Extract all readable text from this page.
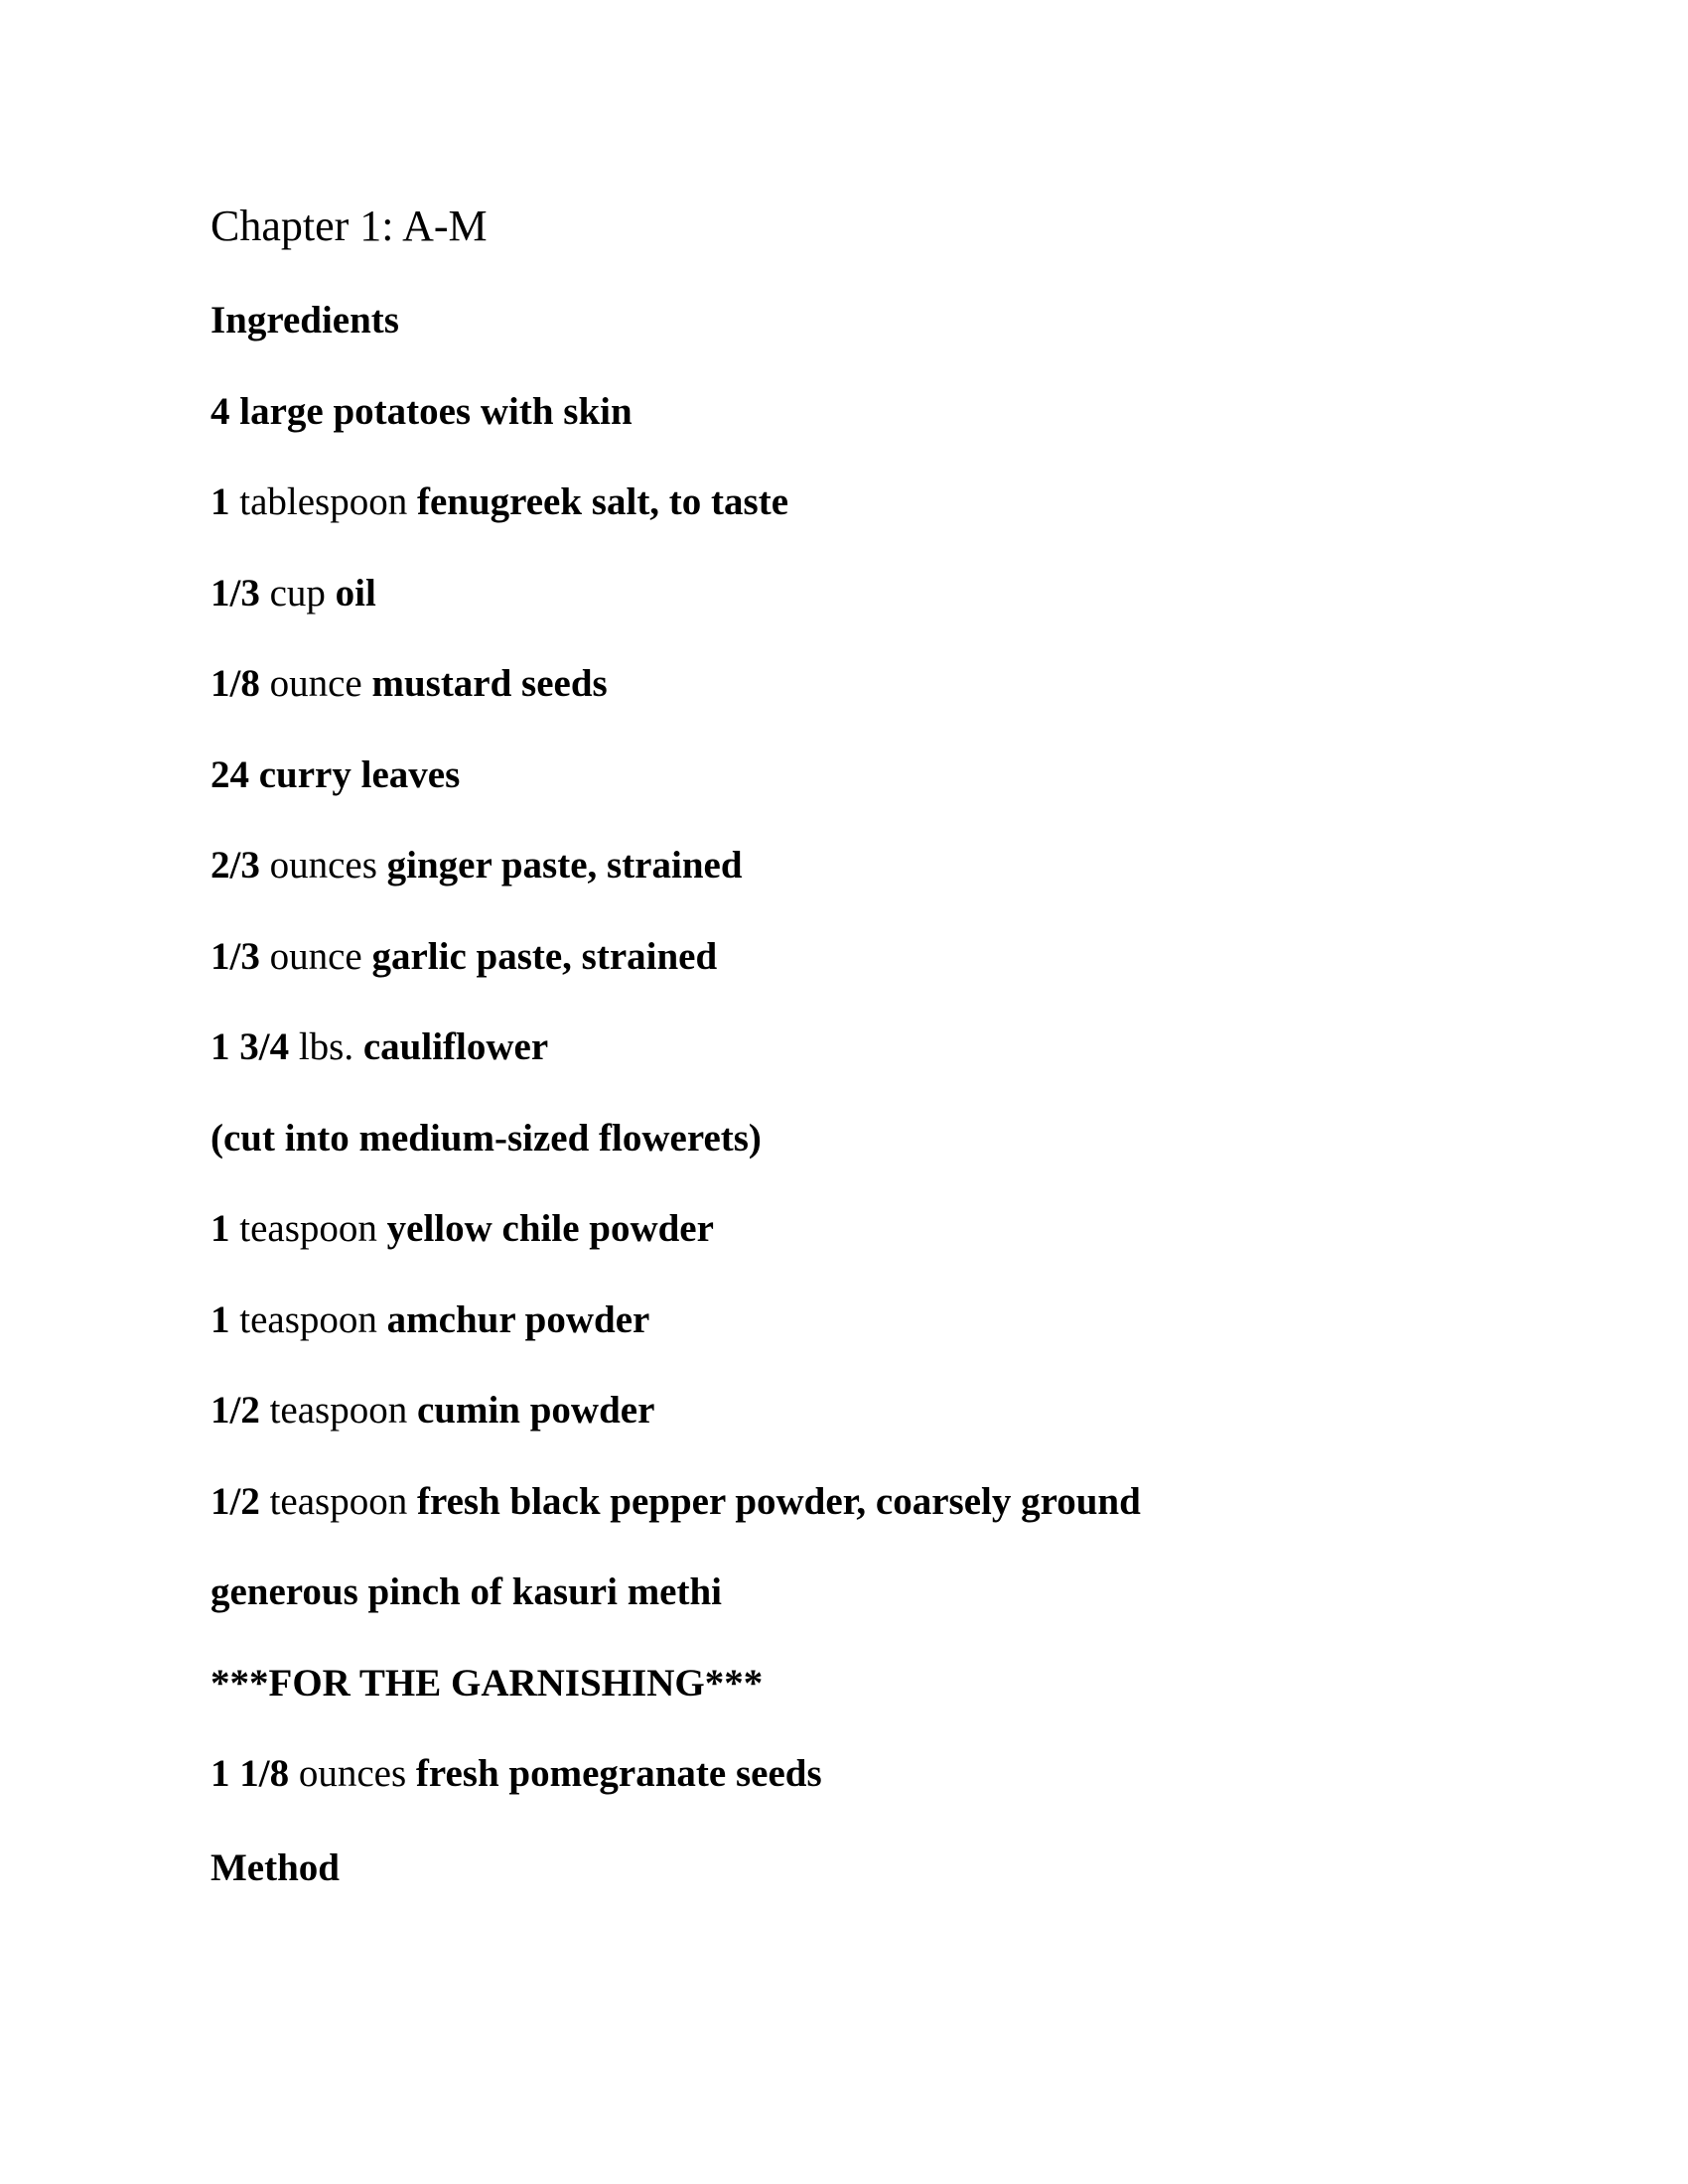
Chapter 1: A-M
Ingredients
4 large potatoes with skin
1 tablespoon fenugreek salt, to taste
1/3 cup oil
1/8 ounce mustard seeds
24 curry leaves
2/3 ounces ginger paste, strained
1/3 ounce garlic paste, strained
1 3/4 lbs. cauliflower
(cut into medium-sized flowerets)
1 teaspoon yellow chile powder
1 teaspoon amchur powder
1/2 teaspoon cumin powder
1/2 teaspoon fresh black pepper powder, coarsely ground
generous pinch of kasuri methi
***FOR THE GARNISHING***
1 1/8 ounces fresh pomegranate seeds
Method
